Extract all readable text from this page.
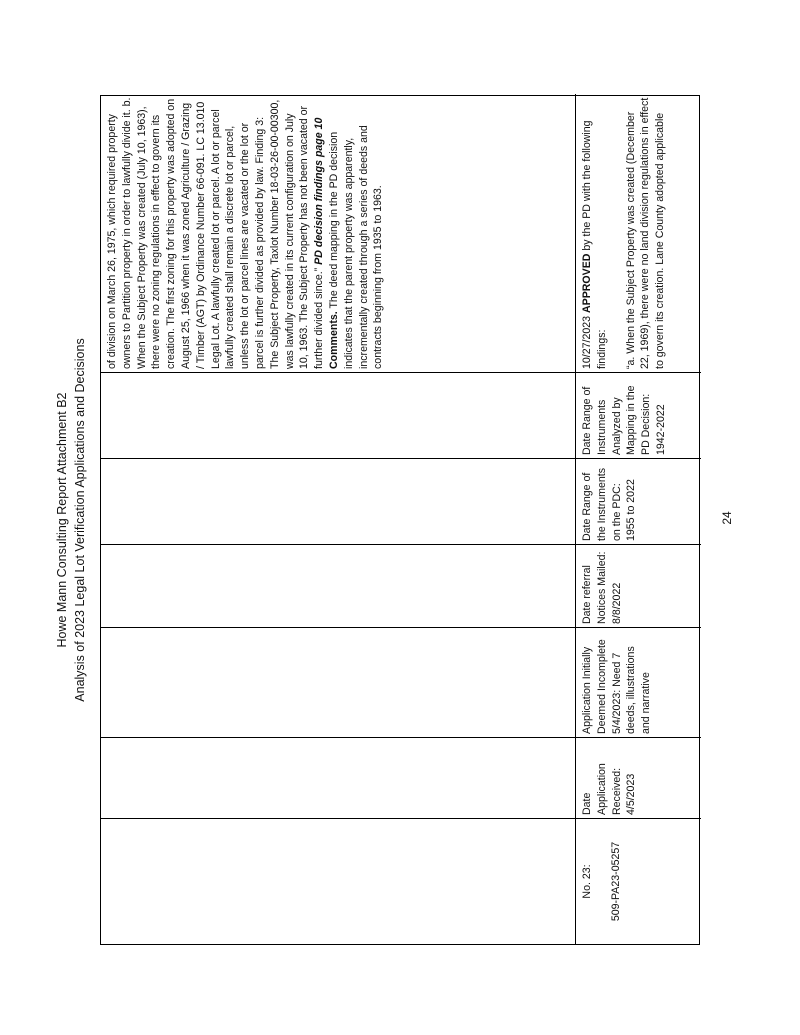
Howe Mann Consulting Report Attachment B2 Analysis of 2023 Legal Lot Verification Applications and Decisions	24

of division on March 26, 1975, which required property owners to Partition property in order to lawfully divide it. b. When the Subject Property was created (July 10, 1963), there were no zoning regulations in effect to govern its creation. The first zoning for this property was adopted on August 25, 1966 when it was zoned Agriculture / Grazing / Timber (AGT) by Ordinance Number 66-091. LC 13.010 Legal Lot. A lawfully created lot or parcel. A lot or parcel lawfully created shall remain a discrete lot or parcel, unless the lot or parcel lines are vacated or the lot or parcel is further divided as provided by law. Finding 3: The Subject Property, Taxlot Number 18-03-26-00-00300, was lawfully created in its current configuration on July 10, 1963. The Subject Property has not been vacated or further divided since.” PD decision findings page 10

Comments. The deed mapping in the PD decision indicates that the parent property was apparently, incrementally created through a series of deeds and contracts beginning from 1935 to 1963.

No. 23: 509-PA23-05257

Date Application Received: 4/5/2023
Application Initially Deemed Incomplete 5/4/2023: Need 7 deeds, illustrations and narrative
Date referral Notices Mailed: 8/8/2022
Date Range of the Instruments on the PDC: 1955 to 2022
Date Range of Instruments Analyzed by Mapping in the PD Decision: 1942-2022

10/27/2023 APPROVED by the PD with the following findings: “a. When the Subject Property was created (December 22, 1969), there were no land division regulations in effect to govern its creation. Lane County adopted applicable
